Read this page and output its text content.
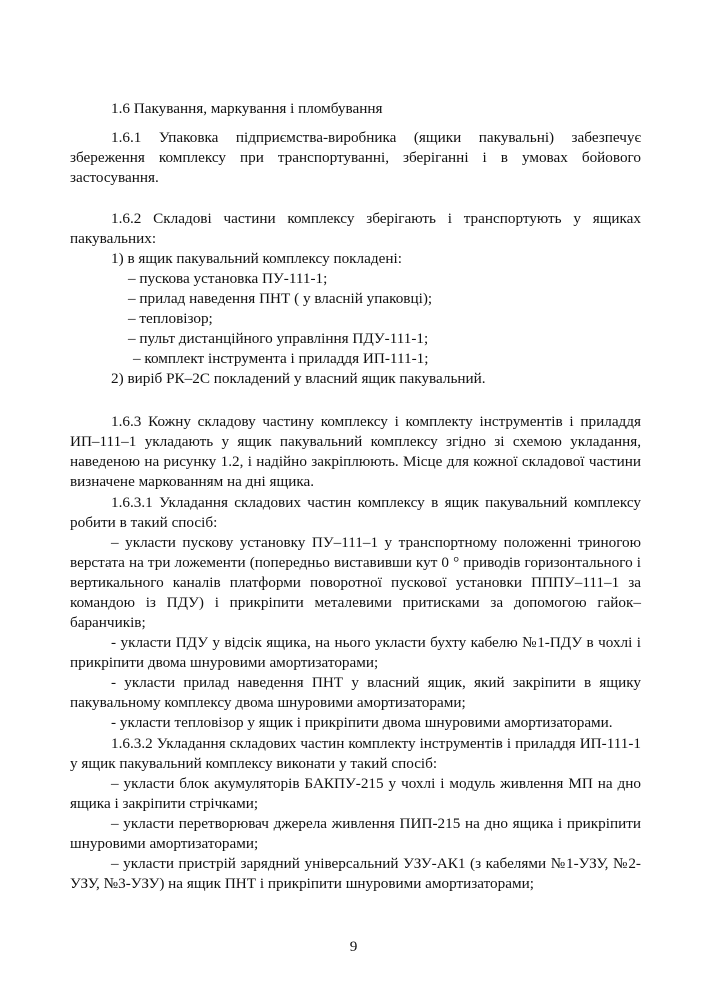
1.6 Пакування, маркування і пломбування

1.6.1 Упаковка підприємства-виробника (ящики пакувальні) забезпечує збереження комплексу при транспортуванні, зберіганні і в умовах бойового застосування.

1.6.2 Складові частини комплексу зберігають і транспортують у ящиках пакувальних:

1) в ящик пакувальний комплексу покладені:

– пускова установка ПУ-111-1;

– прилад наведення ПНТ ( у власній упаковці);

– тепловізор;

– пульт дистанційного управління ПДУ-111-1;

– комплект інструмента і приладдя ИП-111-1;

2) виріб РК–2С покладений у власний ящик пакувальний.

1.6.3 Кожну складову частину комплексу і комплекту інструментів і приладдя ИП–111–1 укладають у ящик пакувальний комплексу згідно зі схемою укладання, наведеною на рисунку 1.2, і надійно закріплюють. Місце для кожної складової частини визначене маркованням на дні ящика.

1.6.3.1 Укладання складових частин комплексу в ящик пакувальний комплексу робити в такий спосіб:

– укласти пускову установку ПУ–111–1 у транспортному положенні триногою верстата на три ложементи (попередньо виставивши кут 0 ° приводів горизонтального і вертикального каналів платформи поворотної пускової установки ПППУ–111–1 за командою із ПДУ) і прикріпити металевими притисками за допомогою гайок–баранчиків;

- укласти ПДУ у відсік ящика, на нього укласти бухту кабелю №1-ПДУ в чохлі і прикріпити двома шнуровими амортизаторами;

- укласти прилад наведення ПНТ у власний ящик, який закріпити в ящику пакувальному комплексу двома шнуровими амортизаторами;

- укласти тепловізор у ящик і прикріпити двома шнуровими амортизаторами.

1.6.3.2 Укладання складових частин комплекту інструментів і приладдя ИП-111-1 у ящик пакувальний комплексу виконати у такий спосіб:

– укласти блок акумуляторів БАКПУ-215 у чохлі і модуль живлення МП на дно ящика і закріпити стрічками;

– укласти перетворювач джерела живлення ПИП-215 на дно ящика і прикріпити шнуровими амортизаторами;

– укласти пристрій зарядний універсальний УЗУ-АК1 (з кабелями №1-УЗУ, №2-УЗУ, №3-УЗУ) на ящик ПНТ і прикріпити шнуровими амортизаторами;

9
